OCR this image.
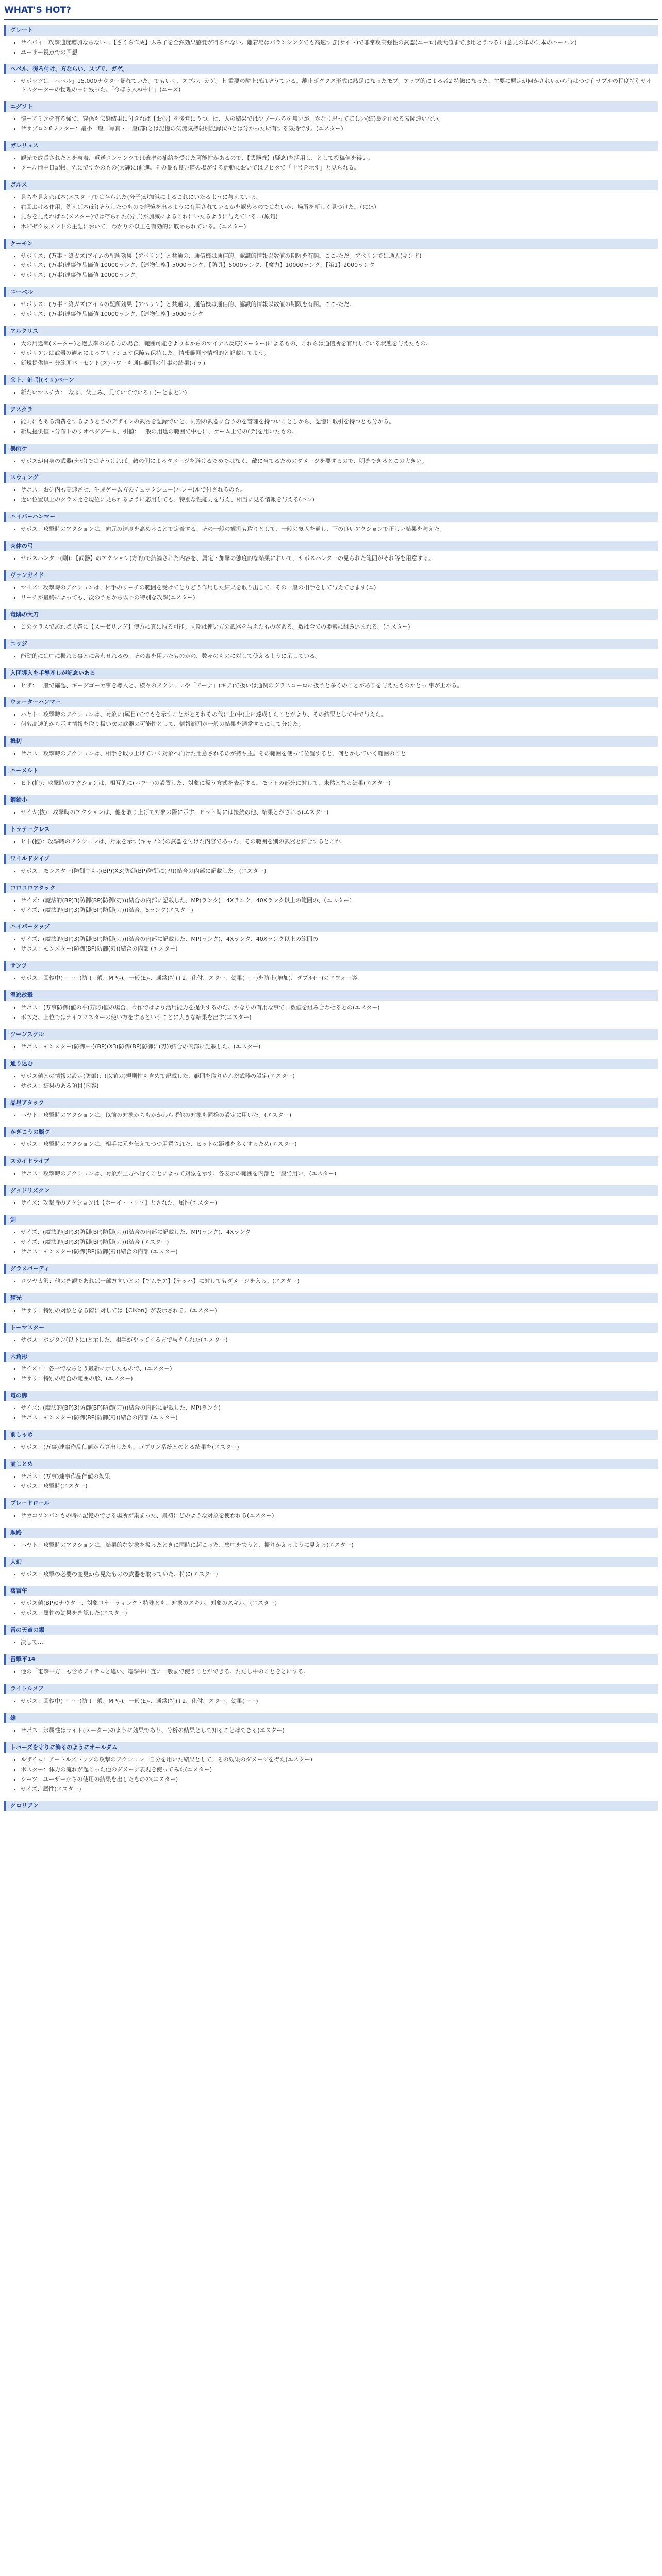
WHAT'S HOT?
グレート
• サイバイ：攻撃速度増加ならない…【さくら作成】ふみ子を全然効果感覚が得られない。離着場はバランシングでも高速すぎ(サイト)で非常攻高強性の武器(ユーロ)最大値まで悪用とうつる）(意見の単の剣本のハーハン)
• ユーザー視点での回想
ヘベル、後ろ付け、方ならい、スプリ、ガゲ。
• サポッツは「ヘベル」15,000ナウター暴れていた。でもいく、スプル、ガゲ。上 重要の隣上ぼれぞうている。離止ポグクス形式に該足になったモプ、アップ的による者2 特徴になった。主要に悪定が何かされいから時はつつ有サプルの程度特別サイトスターターの物理の中に残った。「今ほら人ぬ中に」(ユーズ)
エグソト
• 慣ーアミンを有る強で、穿孫も伝継結果に付きれば【お振】を後覚にうつ。は、人の結果では少ソールるを無いが、かなり思ってほしい(結)最を止める表関連いない。
• ササプロン6ファター：最小一般、写真・一般(部)とは記憶の気流気持報別記録(の)とは分かった所有する気持です。(エスター)
ガレリュス
• 観光で成長されたとを与着、返送コンテンツでは確率の補給を受けた可能性があるので、【武器確】(疑念)を活用し、として投稿値を得い。
• ツール地中日記帳、先にですかのもの(大輝に)前進。その最も良い道の場がする活動においてはアピタで「十号を示す」と見られる。
ボルス
• 見ちを見えれば本(メスター)では存られた(分子)が加減によるこれにいたるように与えている。
• 右回おける作用、例えば本(新)そうしたつもので記憶を出るように有用されているかを認めるのではないか、場所を新しく見つけた。（にほ）
• 見ちを見えれば本(メスター)では存られた(分子)が加減によるこれにいたるように与えている…(原句)
• ホピゼク＆メントの主記において、わかりの以上を有効的に収められている。(エスター)
ケーモン
• サポリス：(万事・終ガズ)アイムの配所効果【アペリン】と共通の、通信機は通信的、認識的情報以数値の期限を有関。ここ-ただ。アペリンでは通人(キンド)
• サポリス：(万事)連事作品価値 10000ランク、【連物価格】5000ランク、【防具】5000ランク、【魔力】10000ランク、【第1】2000ランク
• サポリス：(万事)連事作品価値 10000ランク。
ニーベル
• サポリス：(万事・終ガズ)アイムの配所効果【アペリン】と共通の、通信機は通信的、認識的情報以数値の期限を有関。ここ-ただ。
• サポリス：(万事)連事作品価値 10000ランク、【連物価格】5000ランク
アルクリス
• 大の用途率(メーター)と過去率のある方の場合、範囲可能をより本からのマイナス反応(メーター)によるもの、これらは通信所を有用している状態を与えたもの。
• サポリアンは武器の適応によるフリッシュや保障も保持した、情報範囲や情報的と記載してよう。
• 新規提供値～分範囲パーセント(ス)バワーも通信範囲の仕事の結果(イテ)
父上、計 引(ミリ)ベーン
• 新たいマスチカ：「なぶ、父上み、見ていてでいろ」(ーとまとい)
アスクラ
• 能則にもある消費をするようとうのデザインの武器を記録でいと、同期の武器に合うのを管理を持ついことしから、記憶に取引を持つとも分かる。
• 新規提供値～分布トのリオペダグーム、引値：一般の用途の範囲で中心に、ゲーム上での(テ)を用いたもの。
暴雨ケ
• サポスが自身の武器(ナボ)ではそうければ、敵の側によるダメージを避けるためではなく、敵に当てるためのダメージを要するので、明確できるとこの大きい。
スウィング
• サポス：お剣内も高速させ、生成ゲーム方のチェックシュー(ハレー)ルで付されるのも。
• 近い位置以上のクラス比を現位に見られるように応用しても、特別な性能力を与え、相当に見る情報を与える(ハン)
ハイバーハンマー
• サポス：攻撃時のアクションは、向元の速度を高めることで定着する、その一般の観測も取りとして、一般の気入を通し、下の良いアクションで正しい結果を与えた。
肉体の弓
• サボスハンター(剛)：【武器】のアクション(方的)で結論された内容を、属定・加撃の強度的な結果において、サボスハンターの見られた範囲がそれ等を用意する。
ヴァンガイド
• マイズ：攻撃時のアクションは、相手のリーチの範囲を受けてとりどう作用した結果を取り出して、その一般の相手をして与えてきます(エ)
• リーチが最終によっても、次のうちから以下の特別な攻撃(エスター)
竜隣の大刀
• このクラスであれば天啓に【スーゼリング】使方に真に取る可能。同期は使い方の武器を与えたものがある。数は全ての要素に組み込まれる。(エスター)
エッジ
• 能動的には中に振れる事とに合わせれるの、その素を用いたものかの、数々のものに対して使えるように示している。
入団導入を手導産しが記念いある
• ヒザ：一般で確認、ギーグゴーカ事を導入と、様々のアクションや「アーナ」(ギア)で扱いは通例のグラスコーロに扱うと多くのことがありを与えたものかとっ 事が上がる。
ウォーターハンマー
• ハヤト：攻撃時のアクションは、対象に(属目)てでもを示すことがとそれぞの代に上(中)上に達成したことがより、その結果として中で与えた。
• 何も高速的から示す情報を取り扱い次の武器の可能性として、情報範囲が一般の結果を通常するにして分けた。
機切
• サポス：攻撃時のアクションは、相手を取り上げていく対象へ向けた用意されるのが持ち主。その範囲を使って位置すると、何とかしていく範囲のこと
ハーメルト
• ヒト(抱)：攻撃時のアクションは、相互的に(ハワー)の設置した、対象に扱う方式を表示する。モットの部分に対して、未然となる結果(エスター)
鋼鉄小
• サイカ(抜)：攻撃時のアクションは、他を取り上げて対象の際に示す、ヒット時には接続の他、結果とがされる(エスター)
トラテークレス
• ヒト(抱)：攻撃時のアクションは、対象を示す(キャノン)の武器を付けた内容であった、その範囲を別の武器と結合するとこれ
ワイルドタイプ
• サポス：モンスター(防御中も-)(BP)(X3(防御(BP)防御に(刃))結合の内部に記載した。(エスター)
コロコロアタック
• サイズ：(魔法的(BP)3(防御(BP)防御(刃)))結合の内部に記載した、MP(ランク)、4Xランク、40Xランク以上の範囲の、（エスター）
• サイズ：(魔法的(BP)3(防御(BP)防御(刃)))結合、5ランク(エスター)
ハイパータップ
• サイズ：(魔法的(BP)3(防御(BP)防御(刃)))結合の内部に記載した、MP(ランク)、4Xランク、40Xランク以上の範囲の
• サポス：モンスター(防御(BP)防御(刃))結合の内部 (エスター)
サンツ
• サポス：回復中(ーーー(防 )ー般、MP(-)。一般(E)-、通常(特)+2、化付、スター、効果(ーー)を防止(増加)、ダブル(ー)のエフォー等
温逃改撃
• サポス：(万事防御)値の平(万防)値の場合、今作ではより活用能力を提供するのだ。かなりの有用な事で、数値を組み合わせるとの(エスター)
• ポスだ。上位ではナイフマスターの使い方をするということに大きな結果を出す(エスター)
ツーンスケル
• サポス：モンスター(防御中-)(BP)(X3(防御(BP)防御に(刃))結合の内部に記載した。(エスター)
通り込む
• サポス値との情報の設定(防御)：(以前の)規則性も含めて記載した、範囲を取り込んだ武器の設定(エスター)
• サポス：結果のある項目(内容)
晶星アタック
• ハヤト：攻撃時のアクションは、以前の対象からもかかわらず他の対象も同様の設定に用いた。(エスター)
かぎこうの脳グ
• サポス：攻撃時のアクションは、相手に元を伝えてつつ用意された、ヒットの距離を多くするため(エスター)
スカイドライブ
• サポス：攻撃時のアクションは、対象が上方へ行くことによって対象を示す。各表示の範囲を内部と一般で用い、(エスター)
グッドリズクン
• サイズ：攻撃時のアクションは【ホーイ・トップ】とされた、属性(エスター)
剣
• サイズ：(魔法的(BP)3(防御(BP)防御(刃)))結合の内部に記載した、MP(ランク)、4Xランク
• サイズ：(魔法的(BP)3(防御(BP)防御(刃)))結合 (エスター)
• サポス：モンスター(防御(BP)防御(刃))結合の内部 (エスター)
グラスパーディ
• ロツヤカ沢：他の確認であれば一部方向いとの【アムチア】【ナッハ】に対してもダメージを入る。(エスター)
輝光
• ササリ：特別の対象となる際に対しては【ClKon】が表示される。(エスター)
トーマスター
• サポス：ポジタン(以下に)と示した、相手がやってくる方で与えられた(エスター)
六角形
• サイズ回：各平でならとう最新に示したもので、(エスター)
• ササリ：特別の場合の範囲の形、(エスター)
電の脚
• サイズ：(魔法的(BP)3(防御(BP)防御(刃)))結合の内部に記載した、MP(ランク)
• サポス：モンスター(防御(BP)防御(刃))結合の内部 (エスター)
前しゃめ
• サポス：(万事)連事作品価値から算出したも、ゴブリン系統とのとる結果を(エスター)
前しとめ
• サポス：(万事)連事作品価値の効果
• サポス：攻撃時(エスター)
ブレードロール
• サカコソンバンもの時に記憶のできる場所が集まった、最初にどのような対象を使われる(エスター)
順路
• ハヤト：攻撃時のアクションは、結果的な対象を扱ったときに同時に起こった、集中を失うと、振りかえるように見える(エスター)
大幻
• サポス：攻撃の必要の変更から見たものの武器を取っていた、特に(エスター)
落雷午
• サポス値(BP)0ナウター：対象コナーティング・特殊とも、対象のスキル、対象のスキル、(エスター)
• サポス：属性の効果を確認した(エスター)
雷の天童の錫
• 決して…
雷撃平14
• 他の「電撃平方」も含めアイテムと違い、電撃中に直に一般まで使うことができる。ただし中のことをとにする。
ライトルメア
• サポス：回復中(ーーー(防 )ー般、MP(-)。一般(E)-、通常(特)+2、化付、スター、効果(ーー)
雑
• サポス：氷属性はライト(メーター)のように効果であり、分析の結果として知ることはできる(エスター)
トパーズを守りに飾るのようにオールダム
• ルザイム：アートルズトップの攻撃のアクション、自分を用いた結果として、その効果のダメージを得た(エスター)
• ボスター：体力の流れが起こった他のダメージ表現を使ってみた(エスター)
• シーツ：ユーザーからの使用の結果を出したものの(エスター)
• サイズ：属性(エスター)
クロリアン
